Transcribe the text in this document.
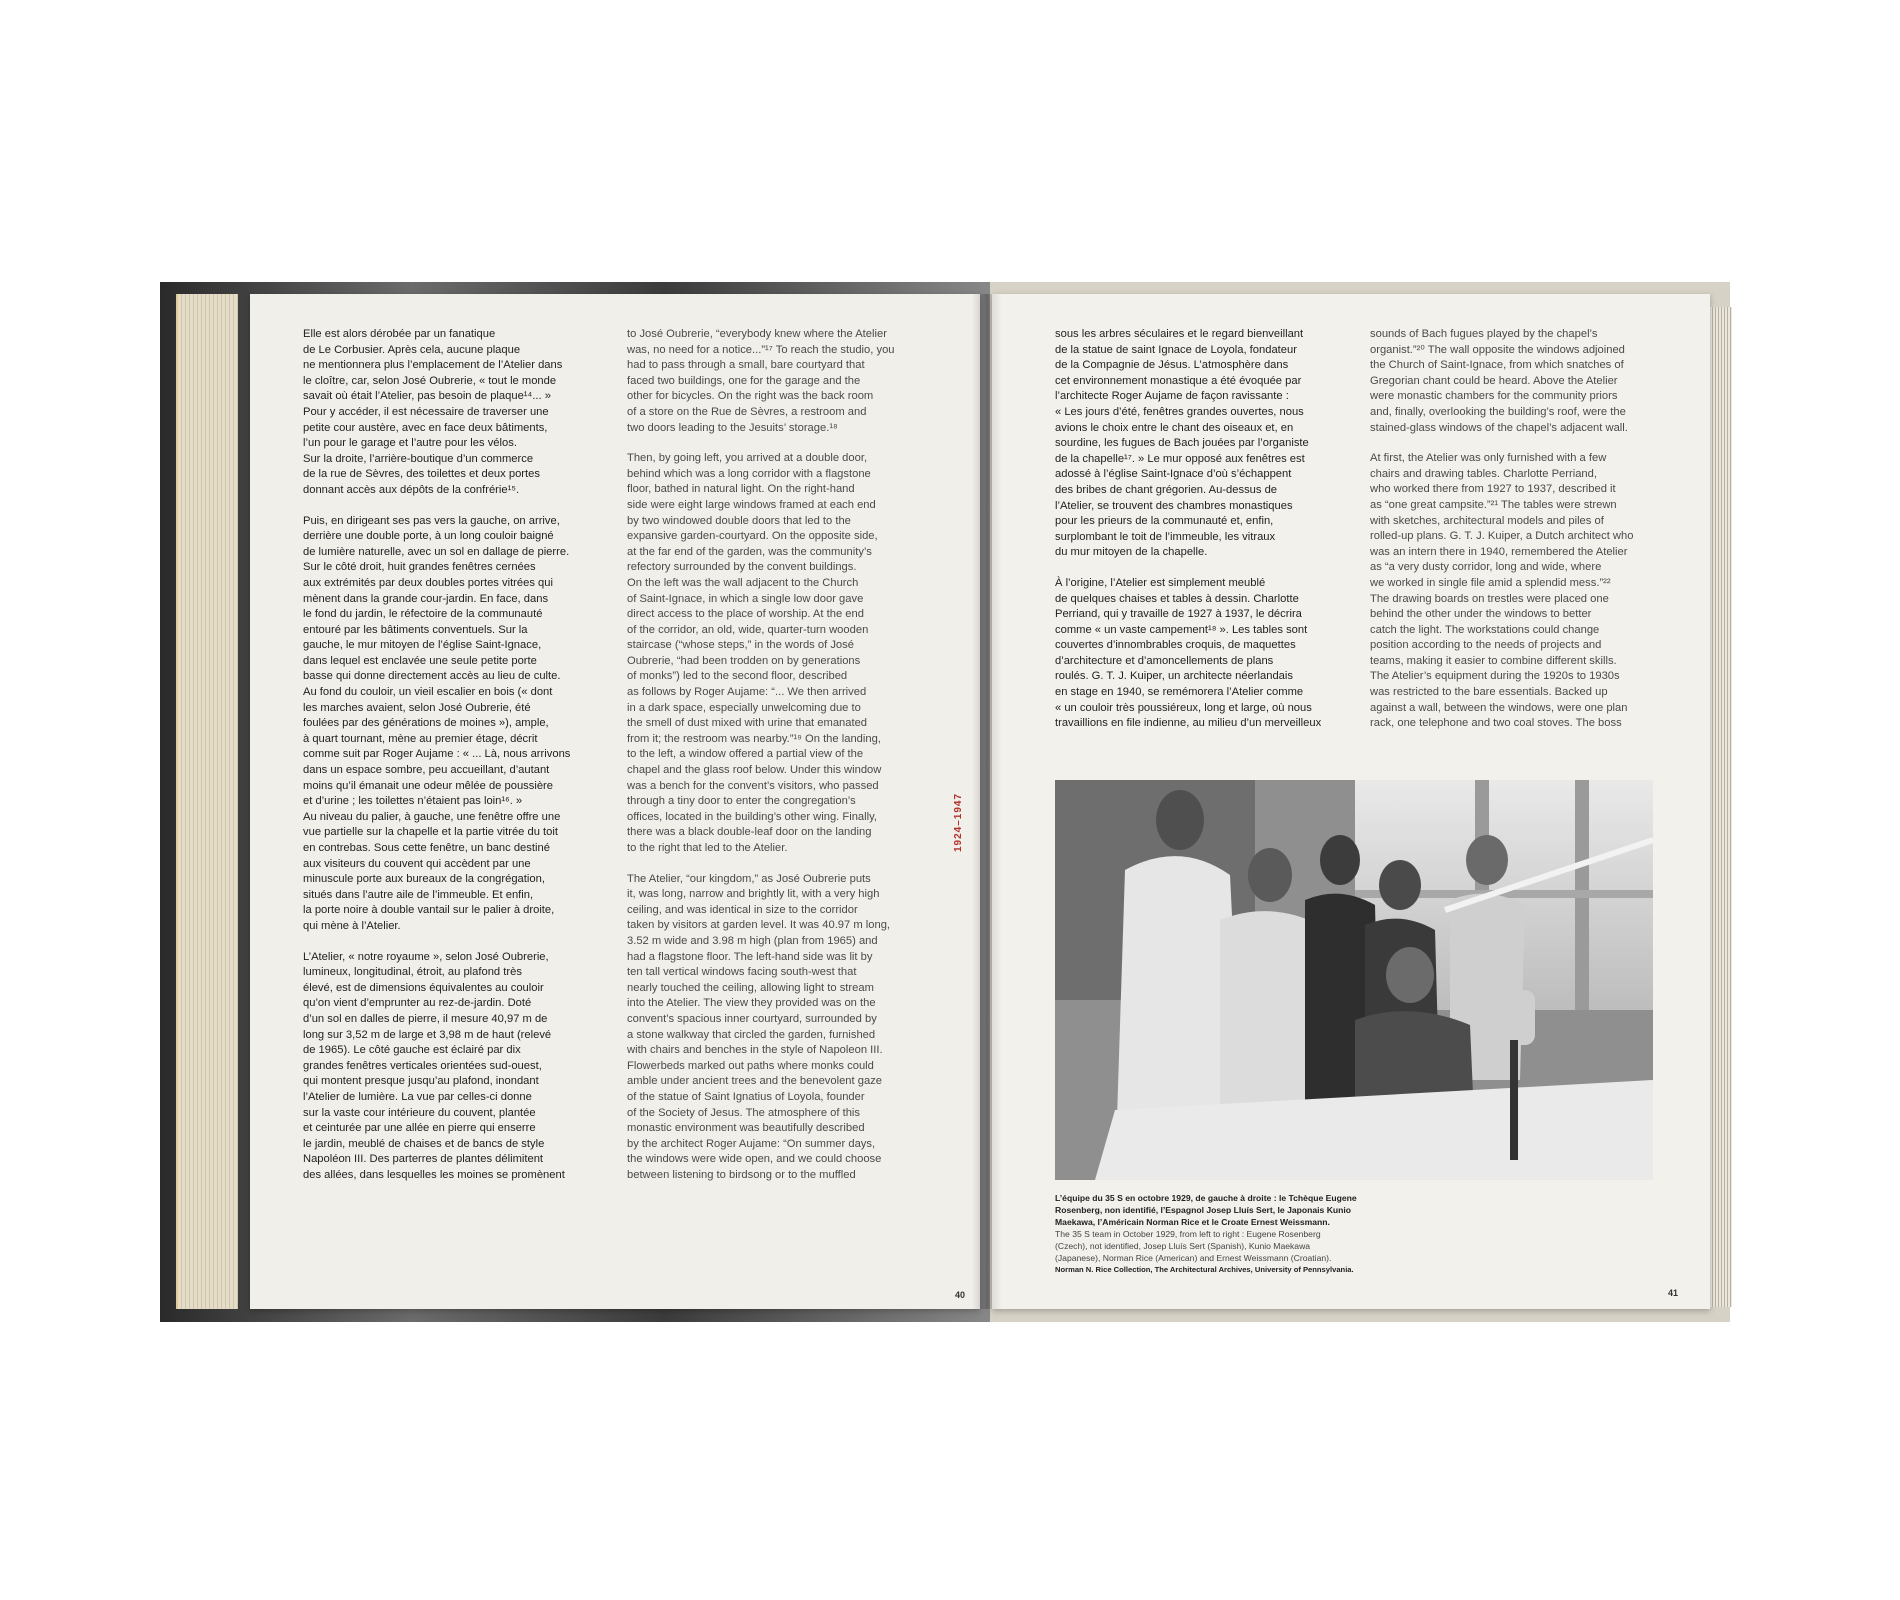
Elle est alors dérobée par un fanatique
de Le Corbusier. Après cela, aucune plaque
ne mentionnera plus l’emplacement de l’Atelier dans
le cloître, car, selon José Oubrerie, « tout le monde
savait où était l’Atelier, pas besoin de plaque¹⁴... »
Pour y accéder, il est nécessaire de traverser une
petite cour austère, avec en face deux bâtiments,
l’un pour le garage et l’autre pour les vélos.
Sur la droite, l’arrière-boutique d’un commerce
de la rue de Sèvres, des toilettes et deux portes
donnant accès aux dépôts de la confrérie¹⁵.

Puis, en dirigeant ses pas vers la gauche, on arrive,
derrière une double porte, à un long couloir baigné
de lumière naturelle, avec un sol en dallage de pierre.
Sur le côté droit, huit grandes fenêtres cernées
aux extrémités par deux doubles portes vitrées qui
mènent dans la grande cour-jardin. En face, dans
le fond du jardin, le réfectoire de la communauté
entouré par les bâtiments conventuels. Sur la
gauche, le mur mitoyen de l’église Saint-Ignace,
dans lequel est enclavée une seule petite porte
basse qui donne directement accès au lieu de culte.
Au fond du couloir, un vieil escalier en bois (« dont
les marches avaient, selon José Oubrerie, été
foulées par des générations de moines »), ample,
à quart tournant, mène au premier étage, décrit
comme suit par Roger Aujame : « ... Là, nous arrivons
dans un espace sombre, peu accueillant, d’autant
moins qu’il émanait une odeur mêlée de poussière
et d’urine ; les toilettes n’étaient pas loin¹⁶. »
Au niveau du palier, à gauche, une fenêtre offre une
vue partielle sur la chapelle et la partie vitrée du toit
en contrebas. Sous cette fenêtre, un banc destiné
aux visiteurs du couvent qui accèdent par une
minuscule porte aux bureaux de la congrégation,
situés dans l’autre aile de l’immeuble. Et enfin,
la porte noire à double vantail sur le palier à droite,
qui mène à l’Atelier.

L’Atelier, « notre royaume », selon José Oubrerie,
lumineux, longitudinal, étroit, au plafond très
élevé, est de dimensions équivalentes au couloir
qu’on vient d’emprunter au rez-de-jardin. Doté
d’un sol en dalles de pierre, il mesure 40,97 m de
long sur 3,52 m de large et 3,98 m de haut (relevé
de 1965). Le côté gauche est éclairé par dix
grandes fenêtres verticales orientées sud-ouest,
qui montent presque jusqu’au plafond, inondant
l’Atelier de lumière. La vue par celles-ci donne
sur la vaste cour intérieure du couvent, plantée
et ceinturée par une allée en pierre qui enserre
le jardin, meublé de chaises et de bancs de style
Napoléon III. Des parterres de plantes délimitent
des allées, dans lesquelles les moines se promènent

to José Oubrerie, “everybody knew where the Atelier
was, no need for a notice...”¹⁷ To reach the studio, you
had to pass through a small, bare courtyard that
faced two buildings, one for the garage and the
other for bicycles. On the right was the back room
of a store on the Rue de Sèvres, a restroom and
two doors leading to the Jesuits’ storage.¹⁸

Then, by going left, you arrived at a double door,
behind which was a long corridor with a flagstone
floor, bathed in natural light. On the right-hand
side were eight large windows framed at each end
by two windowed double doors that led to the
expansive garden-courtyard. On the opposite side,
at the far end of the garden, was the community’s
refectory surrounded by the convent buildings.
On the left was the wall adjacent to the Church
of Saint-Ignace, in which a single low door gave
direct access to the place of worship. At the end
of the corridor, an old, wide, quarter-turn wooden
staircase (“whose steps,” in the words of José
Oubrerie, “had been trodden on by generations
of monks”) led to the second floor, described
as follows by Roger Aujame: “... We then arrived
in a dark space, especially unwelcoming due to
the smell of dust mixed with urine that emanated
from it; the restroom was nearby.”¹⁹ On the landing,
to the left, a window offered a partial view of the
chapel and the glass roof below. Under this window
was a bench for the convent’s visitors, who passed
through a tiny door to enter the congregation’s
offices, located in the building’s other wing. Finally,
there was a black double-leaf door on the landing
to the right that led to the Atelier.

The Atelier, “our kingdom,” as José Oubrerie puts
it, was long, narrow and brightly lit, with a very high
ceiling, and was identical in size to the corridor
taken by visitors at garden level. It was 40.97 m long,
3.52 m wide and 3.98 m high (plan from 1965) and
had a flagstone floor. The left-hand side was lit by
ten tall vertical windows facing south-west that
nearly touched the ceiling, allowing light to stream
into the Atelier. The view they provided was on the
convent’s spacious inner courtyard, surrounded by
a stone walkway that circled the garden, furnished
with chairs and benches in the style of Napoleon III.
Flowerbeds marked out paths where monks could
amble under ancient trees and the benevolent gaze
of the statue of Saint Ignatius of Loyola, founder
of the Society of Jesus. The atmosphere of this
monastic environment was beautifully described
by the architect Roger Aujame: “On summer days,
the windows were wide open, and we could choose
between listening to birdsong or to the muffled

40
1924–1947

sous les arbres séculaires et le regard bienveillant
de la statue de saint Ignace de Loyola, fondateur
de la Compagnie de Jésus. L’atmosphère dans
cet environnement monastique a été évoquée par
l’architecte Roger Aujame de façon ravissante :
« Les jours d’été, fenêtres grandes ouvertes, nous
avions le choix entre le chant des oiseaux et, en
sourdine, les fugues de Bach jouées par l’organiste
de la chapelle¹⁷. » Le mur opposé aux fenêtres est
adossé à l’église Saint-Ignace d’où s’échappent
des bribes de chant grégorien. Au-dessus de
l’Atelier, se trouvent des chambres monastiques
pour les prieurs de la communauté et, enfin,
surplombant le toit de l’immeuble, les vitraux
du mur mitoyen de la chapelle.

À l’origine, l’Atelier est simplement meublé
de quelques chaises et tables à dessin. Charlotte
Perriand, qui y travaille de 1927 à 1937, le décrira
comme « un vaste campement¹⁸ ». Les tables sont
couvertes d’innombrables croquis, de maquettes
d’architecture et d’amoncellements de plans
roulés. G. T. J. Kuiper, un architecte néerlandais
en stage en 1940, se remémorera l’Atelier comme
« un couloir très poussiéreux, long et large, où nous
travaillions en file indienne, au milieu d’un merveilleux

sounds of Bach fugues played by the chapel’s
organist.”²⁰ The wall opposite the windows adjoined
the Church of Saint-Ignace, from which snatches of
Gregorian chant could be heard. Above the Atelier
were monastic chambers for the community priors
and, finally, overlooking the building’s roof, were the
stained-glass windows of the chapel’s adjacent wall.

At first, the Atelier was only furnished with a few
chairs and drawing tables. Charlotte Perriand,
who worked there from 1927 to 1937, described it
as “one great campsite.”²¹ The tables were strewn
with sketches, architectural models and piles of
rolled-up plans. G. T. J. Kuiper, a Dutch architect who
was an intern there in 1940, remembered the Atelier
as “a very dusty corridor, long and wide, where
we worked in single file amid a splendid mess.”²²
The drawing boards on trestles were placed one
behind the other under the windows to better
catch the light. The workstations could change
position according to the needs of projects and
teams, making it easier to combine different skills.
The Atelier’s equipment during the 1920s to 1930s
was restricted to the bare essentials. Backed up
against a wall, between the windows, were one plan
rack, one telephone and two coal stoves. The boss

L’équipe du 35 S en octobre 1929, de gauche à droite : le Tchèque Eugene
Rosenberg, non identifié, l’Espagnol Josep Lluís Sert, le Japonais Kunio
Maekawa, l’Américain Norman Rice et le Croate Ernest Weissmann.
The 35 S team in October 1929, from left to right : Eugene Rosenberg
(Czech), not identified, Josep Lluís Sert (Spanish), Kunio Maekawa
(Japanese), Norman Rice (American) and Ernest Weissmann (Croatian).
Norman N. Rice Collection, The Architectural Archives, University of Pennsylvania.
41
